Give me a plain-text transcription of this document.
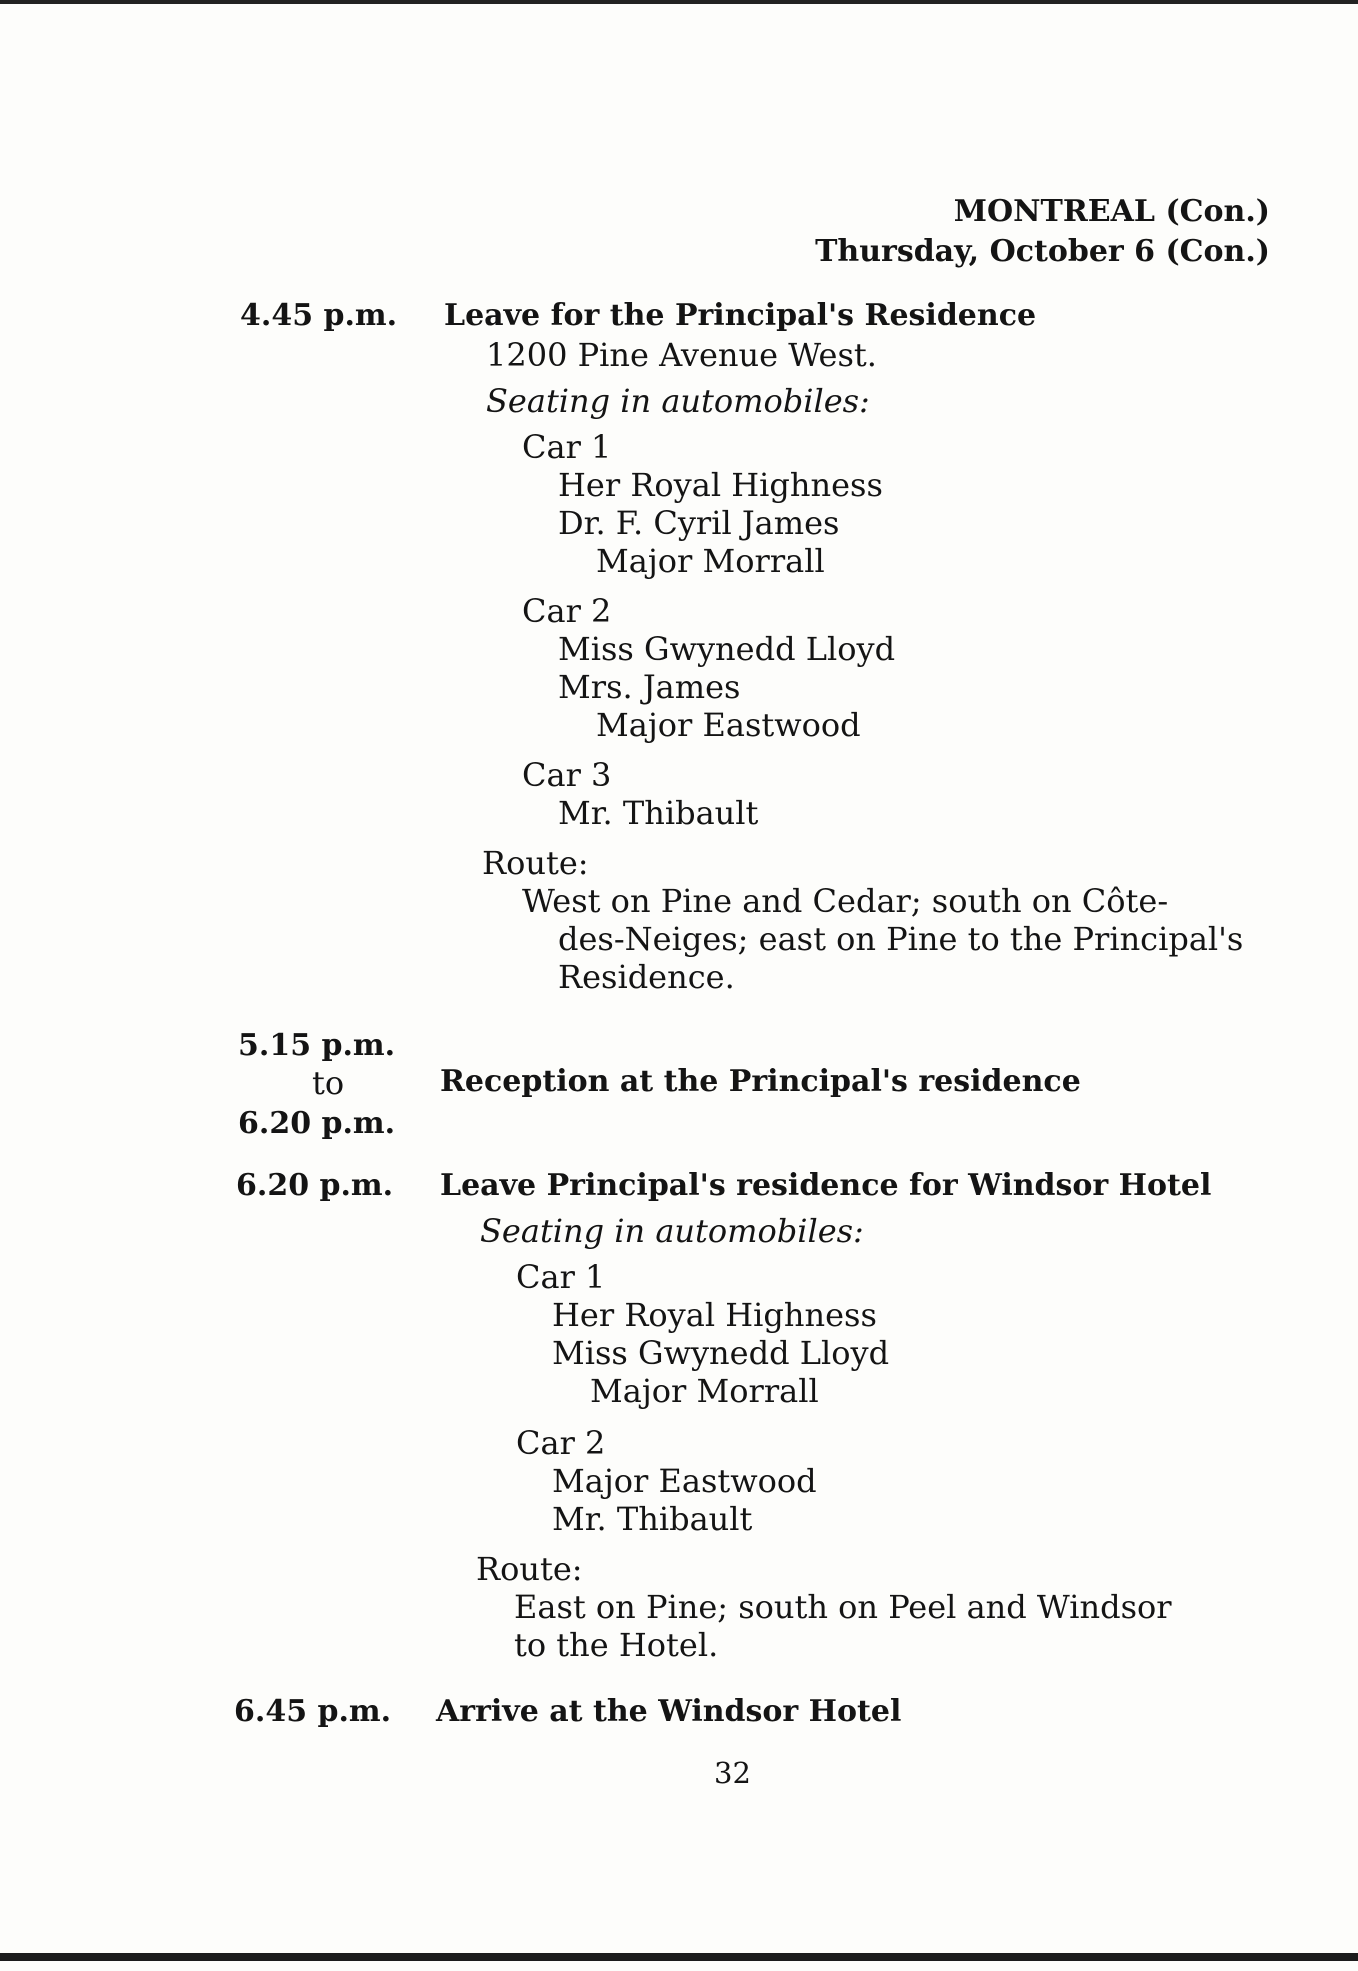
MONTREAL (Con.)
Thursday, October 6 (Con.)
4.45 p.m. Leave for the Principal's Residence
1200 Pine Avenue West.
Seating in automobiles:
Car 1
Her Royal Highness
Dr. F. Cyril James
Major Morrall
Car 2
Miss Gwynedd Lloyd
Mrs. James
Major Eastwood
Car 3
Mr. Thibault
Route:
West on Pine and Cedar; south on Côte-
des-Neiges; east on Pine to the Principal's
Residence.
5.15 p.m.
to
6.20 p.m.
Reception at the Principal's residence
6.20 p.m. Leave Principal's residence for Windsor Hotel
Seating in automobiles:
Car 1
Her Royal Highness
Miss Gwynedd Lloyd
Major Morrall
Car 2
Major Eastwood
Mr. Thibault
Route:
East on Pine; south on Peel and Windsor
to the Hotel.
6.45 p.m. Arrive at the Windsor Hotel
32
